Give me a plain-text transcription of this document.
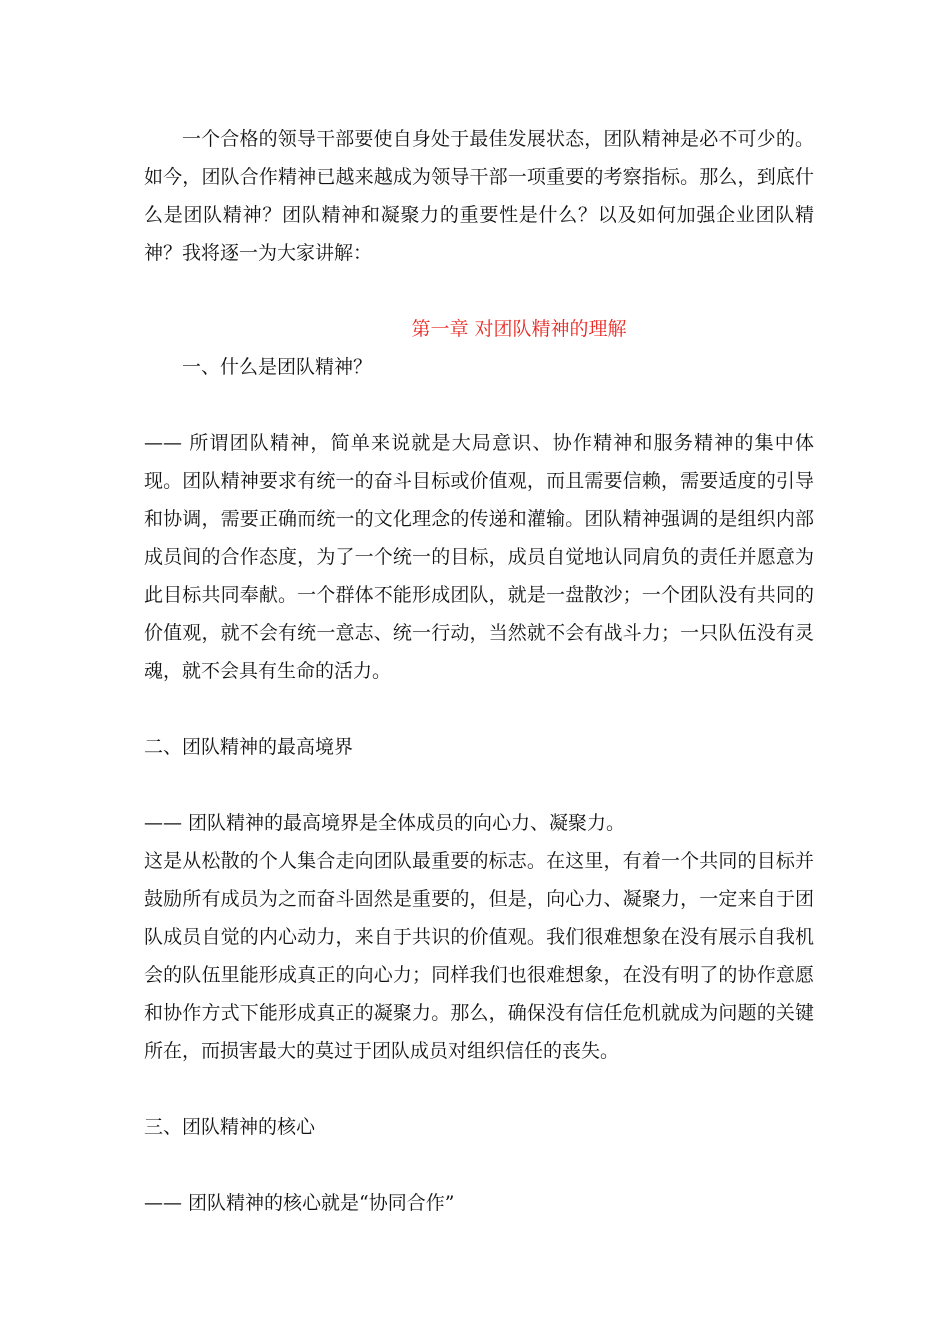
一个合格的领导干部要使自身处于最佳发展状态，团队精神是必不可少的。如今，团队合作精神已越来越成为领导干部一项重要的考察指标。那么，到底什么是团队精神？团队精神和凝聚力的重要性是什么？以及如何加强企业团队精神？我将逐一为大家讲解：

第一章 对团队精神的理解

一、什么是团队精神？

—— 所谓团队精神，简单来说就是大局意识、协作精神和服务精神的集中体现。团队精神要求有统一的奋斗目标或价值观，而且需要信赖，需要适度的引导和协调，需要正确而统一的文化理念的传递和灌输。团队精神强调的是组织内部成员间的合作态度，为了一个统一的目标，成员自觉地认同肩负的责任并愿意为此目标共同奉献。一个群体不能形成团队，就是一盘散沙；一个团队没有共同的价值观，就不会有统一意志、统一行动，当然就不会有战斗力；一只队伍没有灵魂，就不会具有生命的活力。

二、团队精神的最高境界

—— 团队精神的最高境界是全体成员的向心力、凝聚力。

这是从松散的个人集合走向团队最重要的标志。在这里，有着一个共同的目标并鼓励所有成员为之而奋斗固然是重要的，但是，向心力、凝聚力，一定来自于团队成员自觉的内心动力，来自于共识的价值观。我们很难想象在没有展示自我机会的队伍里能形成真正的向心力；同样我们也很难想象，在没有明了的协作意愿和协作方式下能形成真正的凝聚力。那么，确保没有信任危机就成为问题的关键所在，而损害最大的莫过于团队成员对组织信任的丧失。

三、团队精神的核心

—— 团队精神的核心就是“协同合作”
